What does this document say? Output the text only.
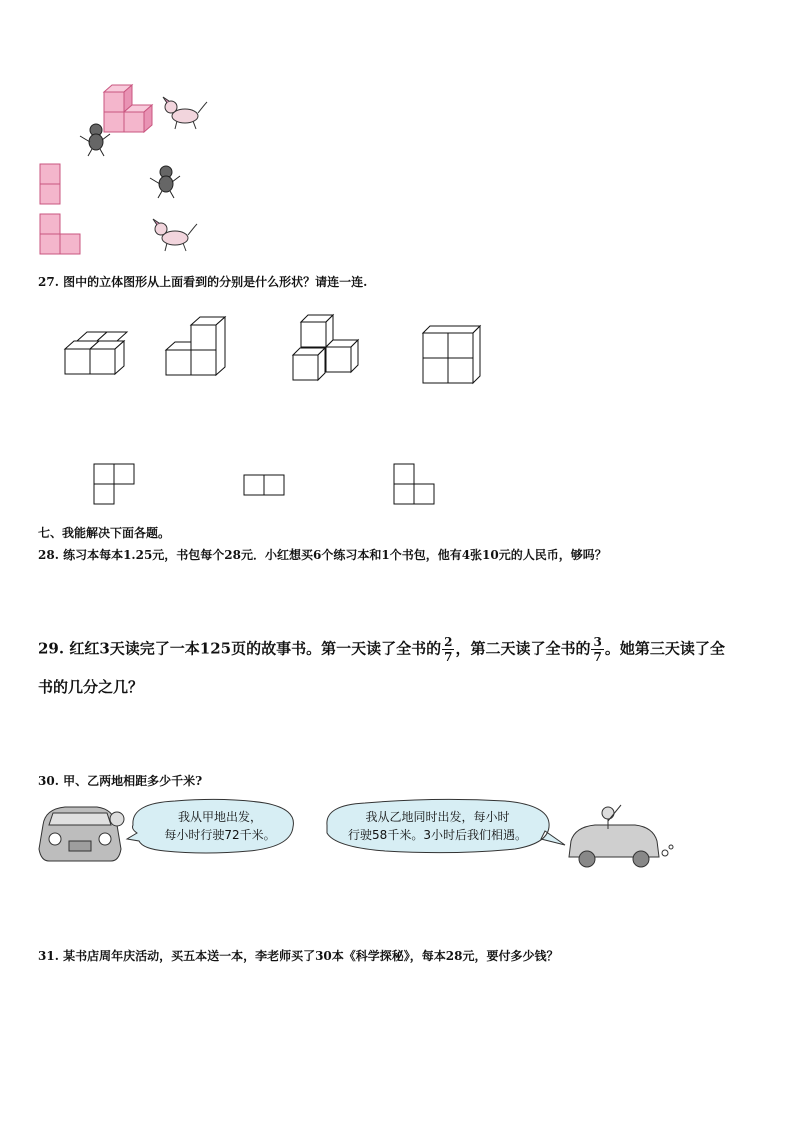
27. 图中的立体图形从上面看到的分别是什么形状？请连一连.
七、我能解决下面各题。
28. 练习本每本1.25元，书包每个28元．小红想买6个练习本和1个书包，他有4张10元的人民币，够吗？
29. 红红3天读完了一本125页的故事书。第一天读了全书的 $\frac{2}{7}$ ，第二天读了全书的 $\frac{3}{7}$ 。她第三天读了全
书的几分之几？
30. 甲、乙两地相距多少千米?
我从甲地出发，
每小时行驶72千米。
我从乙地同时出发，每小时
行驶58千米。3小时后我们相遇。
31. 某书店周年庆活动，买五本送一本，李老师买了30本《科学探秘》，每本28元，要付多少钱？
